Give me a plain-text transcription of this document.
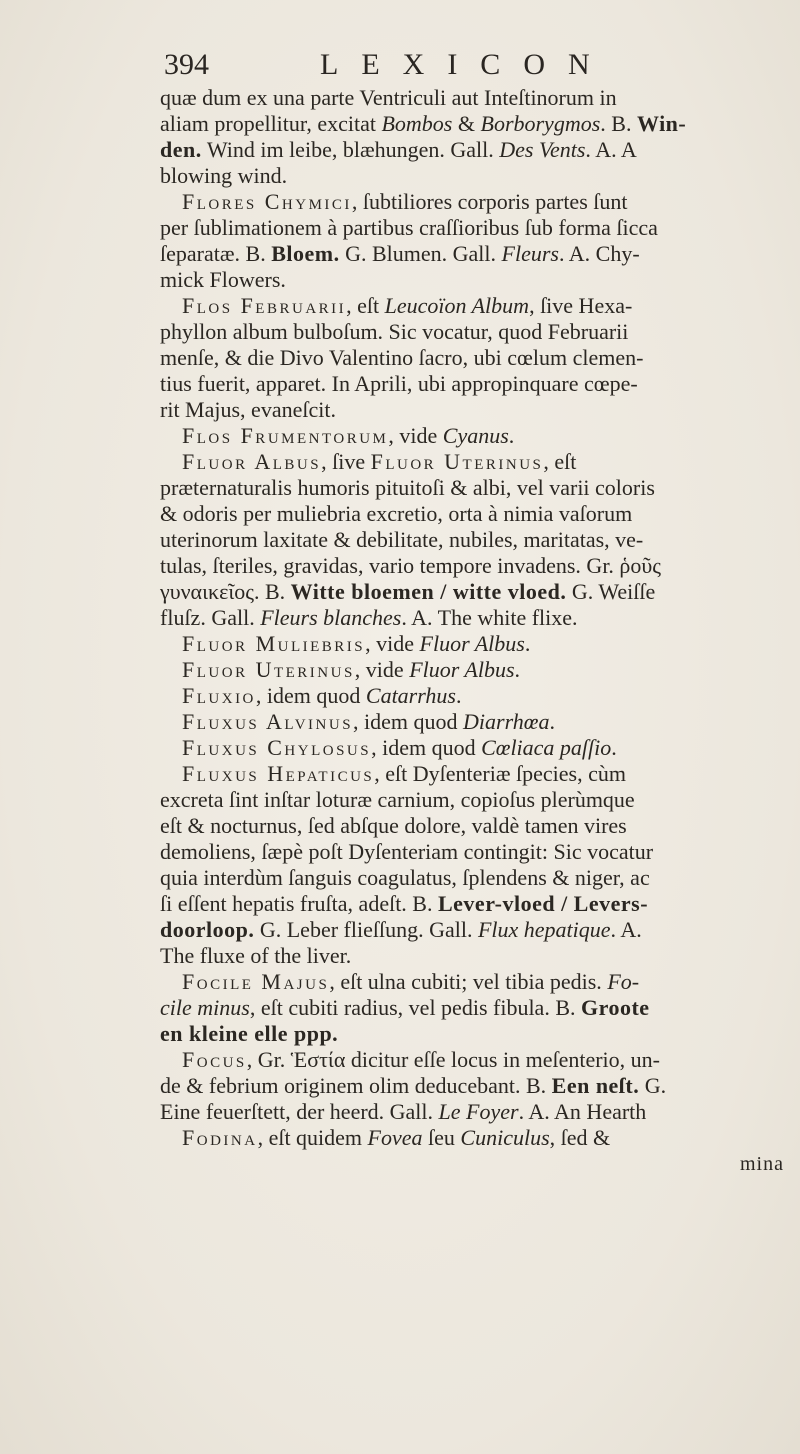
394	LEXICON
quæ dum ex una parte Ventriculi aut Inteſtinorum in
aliam propellitur, excitat Bombos & Borborygmos. B. Win-
den. Wind im leibe, blæhungen. Gall. Des Vents. A. A
blowing wind.
Flores Chymici, ſubtiliores corporis partes ſunt
per ſublimationem à partibus craſſioribus ſub forma ſicca
ſeparatæ. B. Bloem. G. Blumen. Gall. Fleurs. A. Chy-
mick Flowers.
Flos Februarii, eſt Leucoïon Album, ſive Hexa-
phyllon album bulboſum. Sic vocatur, quod Februarii
menſe, & die Divo Valentino ſacro, ubi cœlum clemen-
tius fuerit, apparet. In Aprili, ubi appropinquare cœpe-
rit Majus, evaneſcit.
Flos Frumentorum, vide Cyanus.
Fluor Albus, ſive Fluor Uterinus, eſt
præternaturalis humoris pituitoſi & albi, vel varii coloris
& odoris per muliebria excretio, orta à nimia vaſorum
uterinorum laxitate & debilitate, nubiles, maritatas, ve-
tulas, ſteriles, gravidas, vario tempore invadens. Gr. ῥοῦς
γυναικεῖος. B. Witte bloemen / witte vloed. G. Weiſſe
fluſz. Gall. Fleurs blanches. A. The white flixe.
Fluor Muliebris, vide Fluor Albus.
Fluor Uterinus, vide Fluor Albus.
Fluxio, idem quod Catarrhus.
Fluxus Alvinus, idem quod Diarrhœa.
Fluxus Chylosus, idem quod Cœliaca paſſio.
Fluxus Hepaticus, eſt Dyſenteriæ ſpecies, cùm
excreta ſint inſtar loturæ carnium, copioſus plerùmque
eſt & nocturnus, ſed abſque dolore, valdè tamen vires
demoliens, ſæpè poſt Dyſenteriam contingit: Sic vocatur
quia interdùm ſanguis coagulatus, ſplendens & niger, ac
ſi eſſent hepatis fruſta, adeſt. B. Lever-vloed / Levers-
doorloop. G. Leber flieſſung. Gall. Flux hepatique. A.
The fluxe of the liver.
Focile Majus, eſt ulna cubiti; vel tibia pedis. Fo-
cile minus, eſt cubiti radius, vel pedis fibula. B. Groote
en kleine elle ppp.
Focus, Gr. Ἑστία dicitur eſſe locus in meſenterio, un-
de & febrium originem olim deducebant. B. Een neſt. G.
Eine feuerſtett, der heerd. Gall. Le Foyer. A. An Hearth
Fodina, eſt quidem Fovea ſeu Cuniculus, ſed &
mina
